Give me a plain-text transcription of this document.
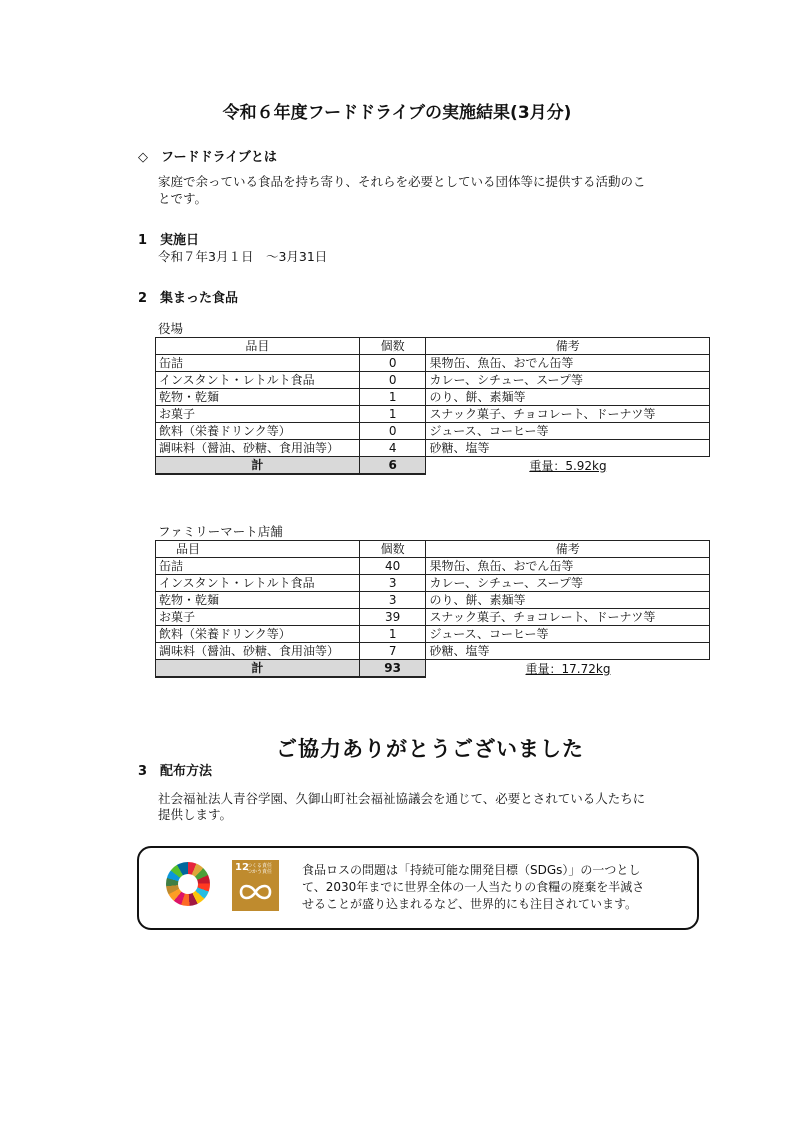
令和６年度フードドライブの実施結果(3月分)
◇　フードドライブとは
家庭で余っている食品を持ち寄り、それらを必要としている団体等に提供する活動のこ
とです。
1　実施日
令和７年3月１日　～3月31日
2　集まった食品
役場
品目	個数	備考
缶詰	0	果物缶、魚缶、おでん缶等
インスタント・レトルト食品	0	カレー、シチュー、スープ等
乾物・乾麺	1	のり、餅、素麺等
お菓子	1	スナック菓子、チョコレート、ドーナツ等
飲料（栄養ドリンク等）	0	ジュース、コーヒー等
調味料（醤油、砂糖、食用油等）	4	砂糖、塩等
計	6	重量：5.92kg
ファミリーマート店舗
品目	個数	備考
缶詰	40	果物缶、魚缶、おでん缶等
インスタント・レトルト食品	3	カレー、シチュー、スープ等
乾物・乾麺	3	のり、餅、素麺等
お菓子	39	スナック菓子、チョコレート、ドーナツ等
飲料（栄養ドリンク等）	1	ジュース、コーヒー等
調味料（醤油、砂糖、食用油等）	7	砂糖、塩等
計	93	重量：17.72kg
ご協力ありがとうございました
3　配布方法
社会福祉法人青谷学園、久御山町社会福祉協議会を通じて、必要とされている人たちに
提供します。
12
つくる責任
つかう責任 食品ロスの問題は「持続可能な開発目標（SDGs）」の一つとし
て、2030年までに世界全体の一人当たりの食糧の廃棄を半減さ
せることが盛り込まれるなど、世界的にも注目されています。
